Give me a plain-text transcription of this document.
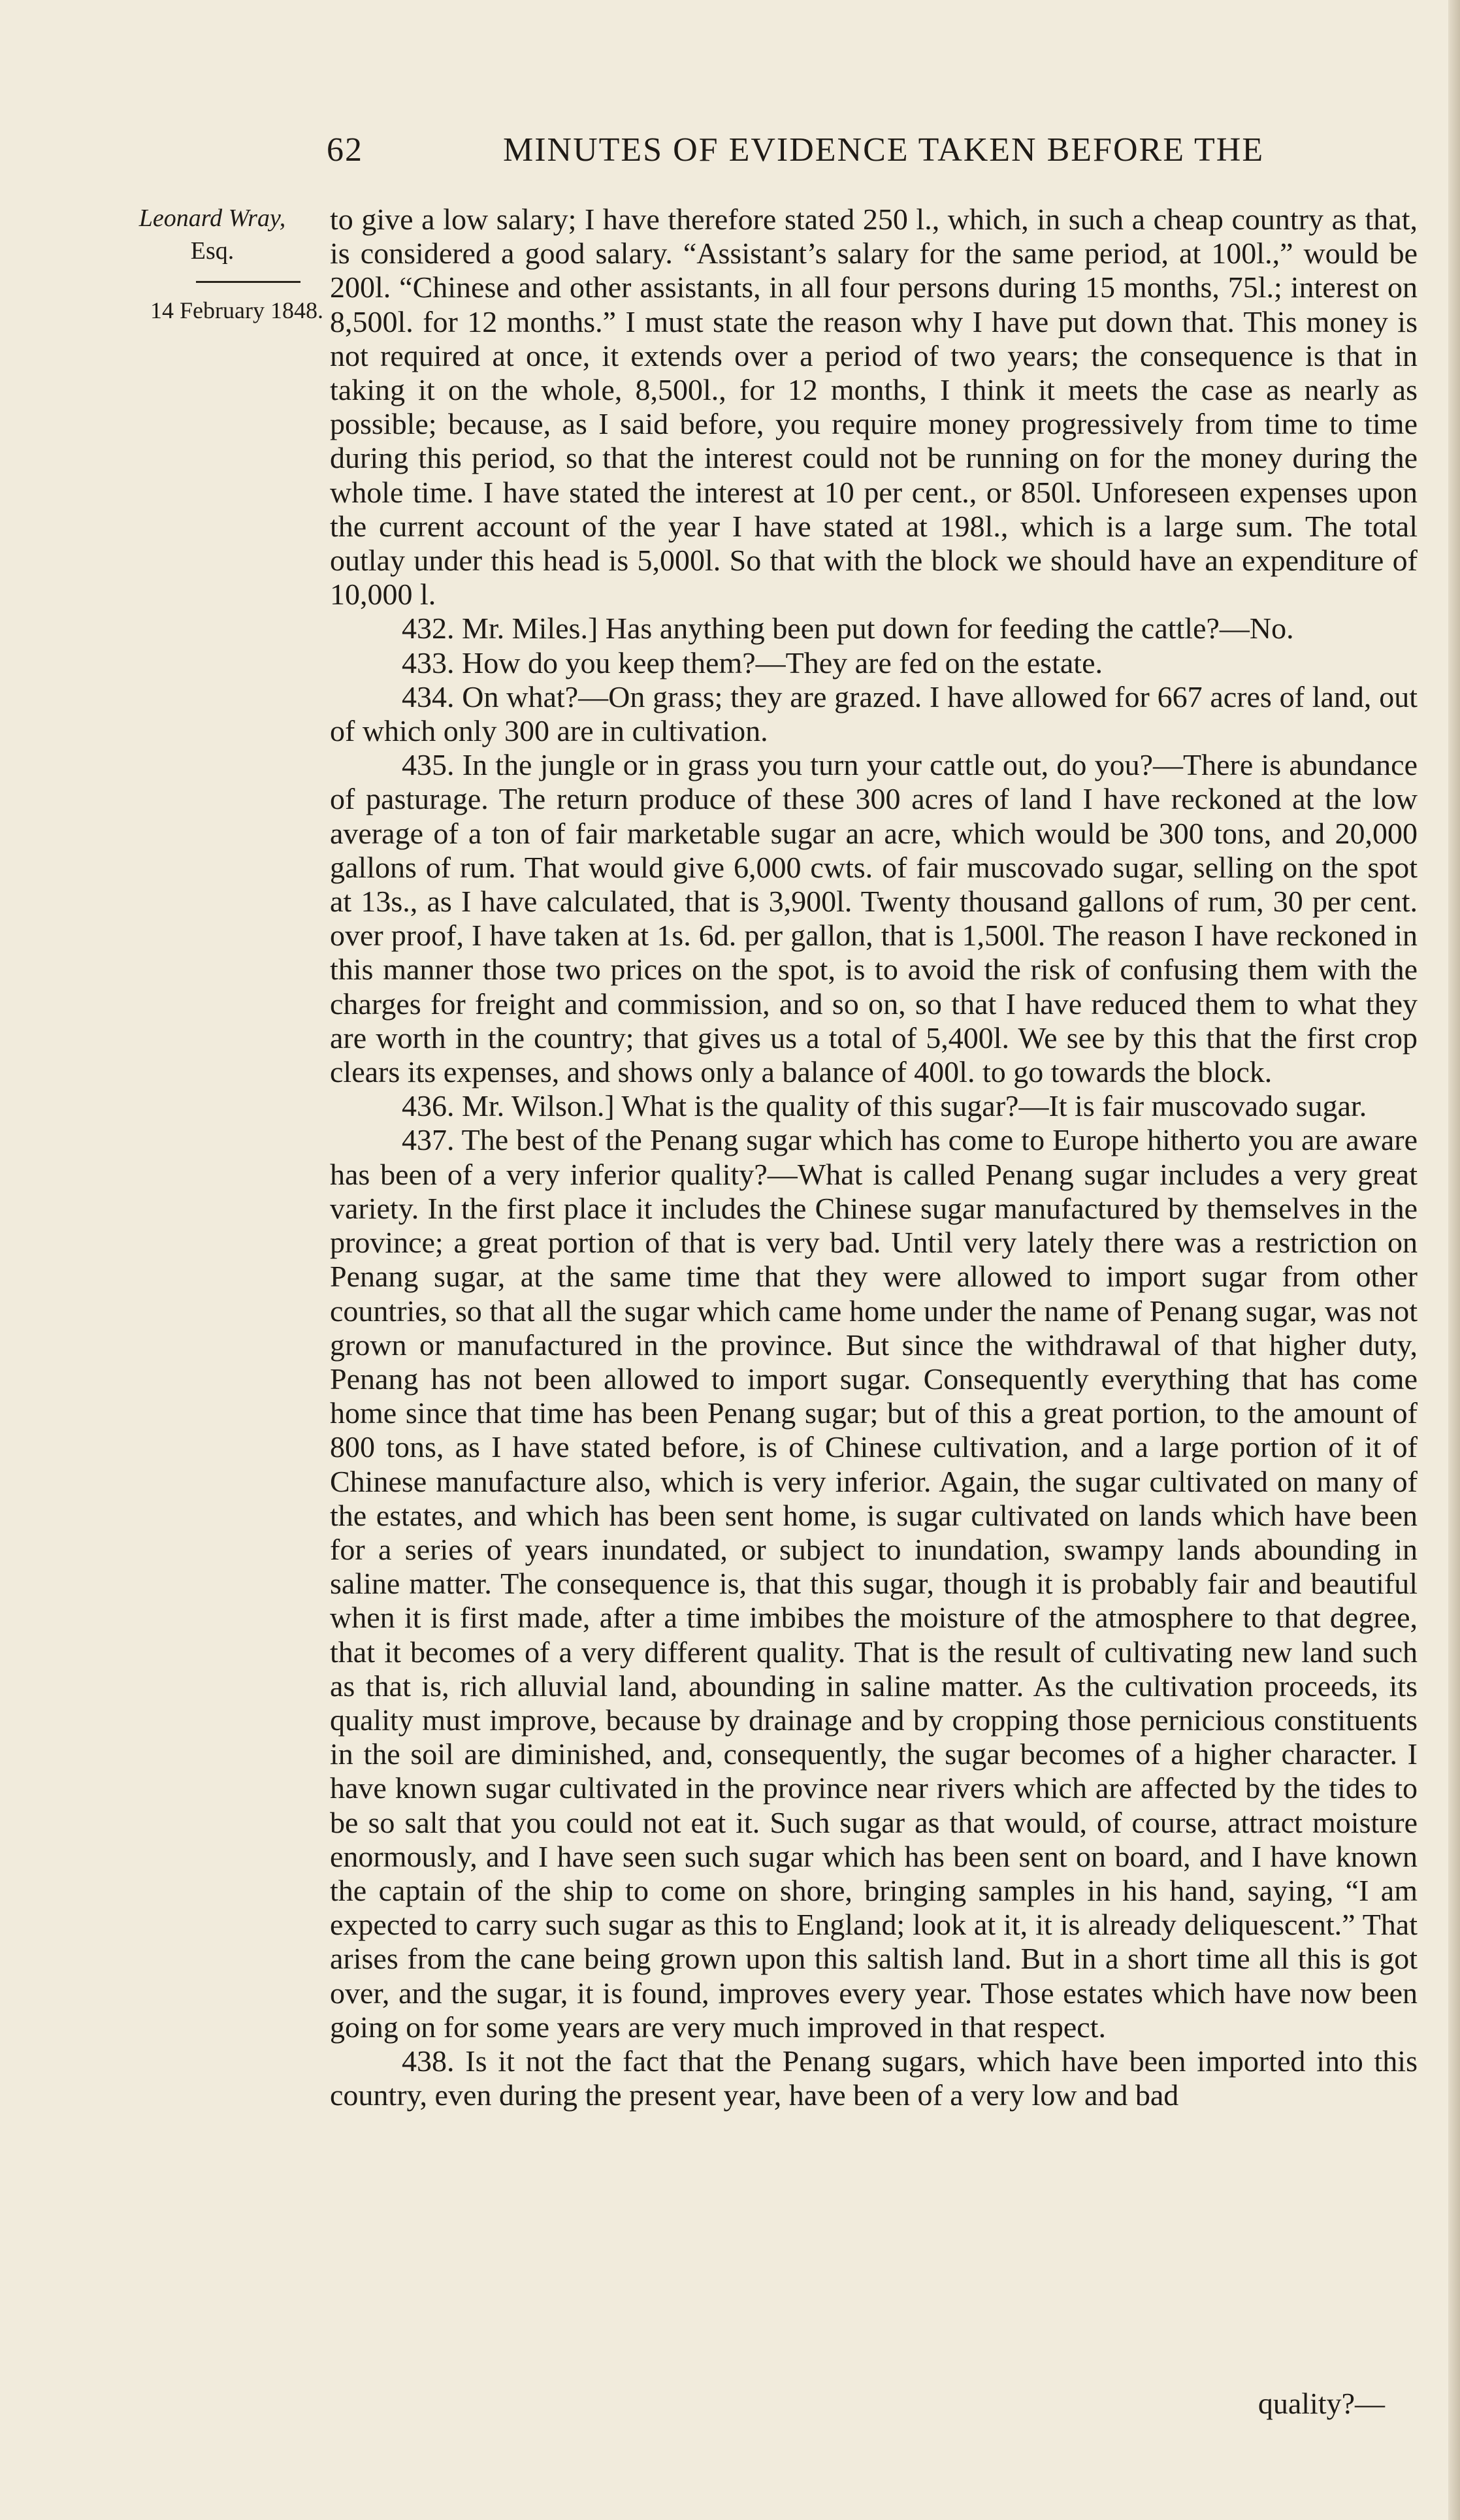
62	MINUTES OF EVIDENCE TAKEN BEFORE THE
Leonard Wray,
Esq.
14 February 1848.

to give a low salary; I have therefore stated 250 l., which, in such a cheap country as that, is considered a good salary. “Assistant’s salary for the same period, at 100l.,” would be 200l. “Chinese and other assistants, in all four persons during 15 months, 75l.; interest on 8,500l. for 12 months.” I must state the reason why I have put down that. This money is not required at once, it extends over a period of two years; the consequence is that in taking it on the whole, 8,500l., for 12 months, I think it meets the case as nearly as possible; because, as I said before, you require money progressively from time to time during this period, so that the interest could not be running on for the money during the whole time. I have stated the interest at 10 per cent., or 850l. Unforeseen expenses upon the current account of the year I have stated at 198l., which is a large sum. The total outlay under this head is 5,000l. So that with the block we should have an expenditure of 10,000 l.

432. Mr. Miles.] Has anything been put down for feeding the cattle?—No.

433. How do you keep them?—They are fed on the estate.

434. On what?—On grass; they are grazed. I have allowed for 667 acres of land, out of which only 300 are in cultivation.

435. In the jungle or in grass you turn your cattle out, do you?—There is abundance of pasturage. The return produce of these 300 acres of land I have reckoned at the low average of a ton of fair marketable sugar an acre, which would be 300 tons, and 20,000 gallons of rum. That would give 6,000 cwts. of fair muscovado sugar, selling on the spot at 13s., as I have calculated, that is 3,900l. Twenty thousand gallons of rum, 30 per cent. over proof, I have taken at 1s. 6d. per gallon, that is 1,500l. The reason I have reckoned in this manner those two prices on the spot, is to avoid the risk of confusing them with the charges for freight and commission, and so on, so that I have reduced them to what they are worth in the country; that gives us a total of 5,400l. We see by this that the first crop clears its expenses, and shows only a balance of 400l. to go towards the block.

436. Mr. Wilson.] What is the quality of this sugar?—It is fair muscovado sugar.

437. The best of the Penang sugar which has come to Europe hitherto you are aware has been of a very inferior quality?—What is called Penang sugar includes a very great variety. In the first place it includes the Chinese sugar manufactured by themselves in the province; a great portion of that is very bad. Until very lately there was a restriction on Penang sugar, at the same time that they were allowed to import sugar from other countries, so that all the sugar which came home under the name of Penang sugar, was not grown or manufactured in the province. But since the withdrawal of that higher duty, Penang has not been allowed to import sugar. Consequently everything that has come home since that time has been Penang sugar; but of this a great portion, to the amount of 800 tons, as I have stated before, is of Chinese cultivation, and a large portion of it of Chinese manufacture also, which is very inferior. Again, the sugar cultivated on many of the estates, and which has been sent home, is sugar cultivated on lands which have been for a series of years inundated, or subject to inundation, swampy lands abounding in saline matter. The consequence is, that this sugar, though it is probably fair and beautiful when it is first made, after a time imbibes the moisture of the atmosphere to that degree, that it becomes of a very different quality. That is the result of cultivating new land such as that is, rich alluvial land, abounding in saline matter. As the cultivation proceeds, its quality must improve, because by drainage and by cropping those pernicious constituents in the soil are diminished, and, consequently, the sugar becomes of a higher character. I have known sugar cultivated in the province near rivers which are affected by the tides to be so salt that you could not eat it. Such sugar as that would, of course, attract moisture enormously, and I have seen such sugar which has been sent on board, and I have known the captain of the ship to come on shore, bringing samples in his hand, saying, “I am expected to carry such sugar as this to England; look at it, it is already deliquescent.” That arises from the cane being grown upon this saltish land. But in a short time all this is got over, and the sugar, it is found, improves every year. Those estates which have now been going on for some years are very much improved in that respect.

438. Is it not the fact that the Penang sugars, which have been imported into this country, even during the present year, have been of a very low and bad

quality?—
